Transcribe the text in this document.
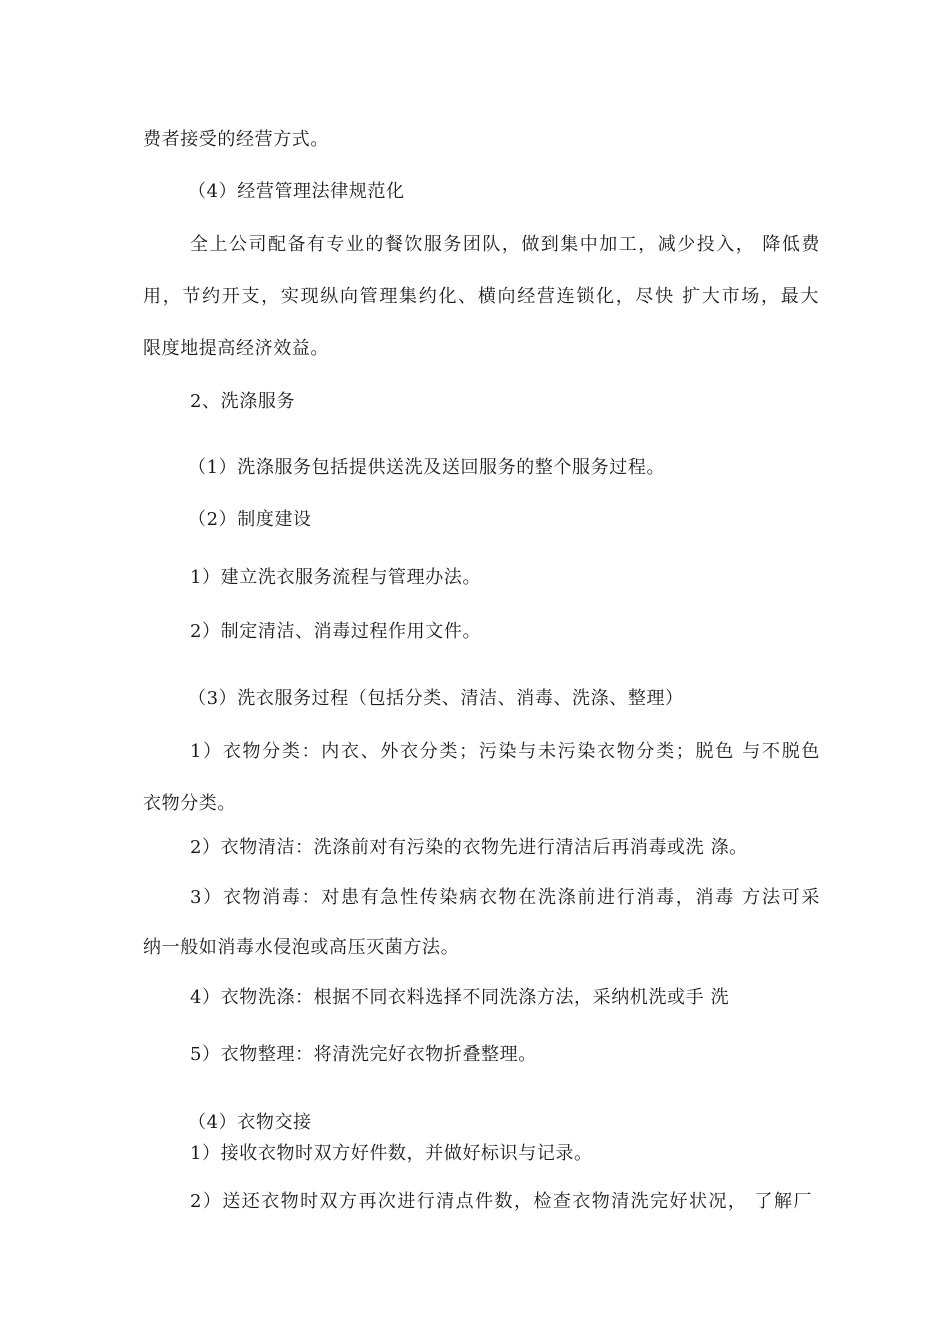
费者接受的经营方式。
（4）经营管理法律规范化
全上公司配备有专业的餐饮服务团队，做到集中加工，减少投入， 降低费
用，节约开支，实现纵向管理集约化、横向经营连锁化，尽快 扩大市场，最大
限度地提高经济效益。
2、洗涤服务
（1）洗涤服务包括提供送洗及送回服务的整个服务过程。
（2）制度建设
1）建立洗衣服务流程与管理办法。
2）制定清洁、消毒过程作用文件。
（3）洗衣服务过程（包括分类、清洁、消毒、洗涤、整理）
1）衣物分类：内衣、外衣分类；污染与未污染衣物分类；脱色 与不脱色
衣物分类。
2）衣物清洁：洗涤前对有污染的衣物先进行清洁后再消毒或洗 涤。
3）衣物消毒：对患有急性传染病衣物在洗涤前进行消毒，消毒 方法可采
纳一般如消毒水侵泡或高压灭菌方法。
4）衣物洗涤：根据不同衣料选择不同洗涤方法，采纳机洗或手 洗
5）衣物整理：将清洗完好衣物折叠整理。
（4）衣物交接
1）接收衣物时双方好件数，并做好标识与记录。
2）送还衣物时双方再次进行清点件数，检查衣物清洗完好状况， 了解厂
